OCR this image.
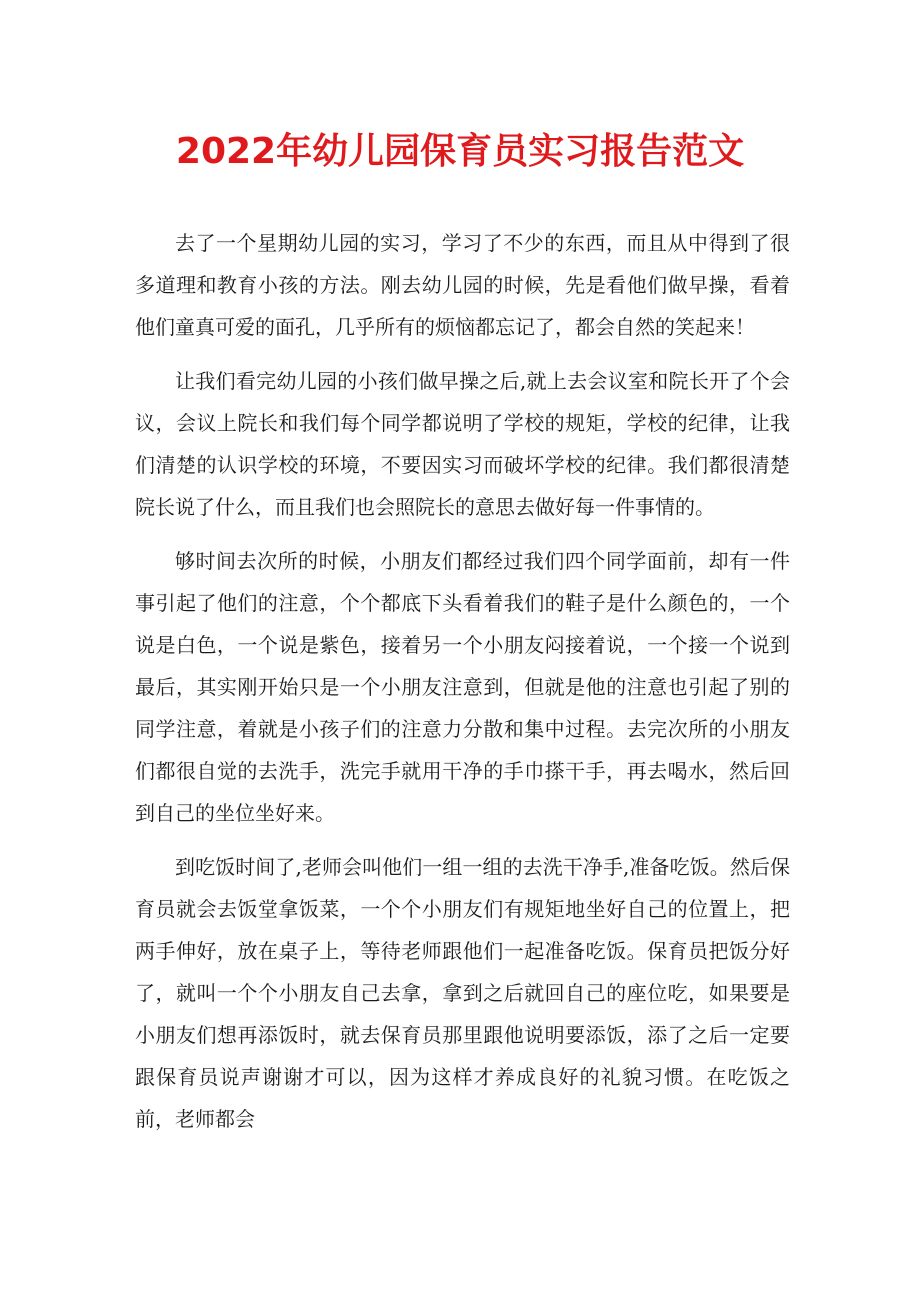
2022年幼儿园保育员实习报告范文

去了一个星期幼儿园的实习，学习了不少的东西，而且从中得到了很多道理和教育小孩的方法。刚去幼儿园的时候，先是看他们做早操，看着他们童真可爱的面孔，几乎所有的烦恼都忘记了，都会自然的笑起来！

让我们看完幼儿园的小孩们做早操之后,就上去会议室和院长开了个会议，会议上院长和我们每个同学都说明了学校的规矩，学校的纪律，让我们清楚的认识学校的环境，不要因实习而破坏学校的纪律。我们都很清楚院长说了什么，而且我们也会照院长的意思去做好每一件事情的。

够时间去次所的时候，小朋友们都经过我们四个同学面前，却有一件事引起了他们的注意，个个都底下头看着我们的鞋子是什么颜色的，一个说是白色，一个说是紫色，接着另一个小朋友闷接着说，一个接一个说到最后，其实刚开始只是一个小朋友注意到，但就是他的注意也引起了别的同学注意，着就是小孩子们的注意力分散和集中过程。去完次所的小朋友们都很自觉的去洗手，洗完手就用干净的手巾搽干手，再去喝水，然后回到自己的坐位坐好来。

到吃饭时间了,老师会叫他们一组一组的去洗干净手,准备吃饭。然后保育员就会去饭堂拿饭菜，一个个小朋友们有规矩地坐好自己的位置上，把两手伸好，放在桌子上，等待老师跟他们一起准备吃饭。保育员把饭分好了，就叫一个个小朋友自己去拿，拿到之后就回自己的座位吃，如果要是小朋友们想再添饭时，就去保育员那里跟他说明要添饭，添了之后一定要跟保育员说声谢谢才可以，因为这样才养成良好的礼貌习惯。在吃饭之前，老师都会
